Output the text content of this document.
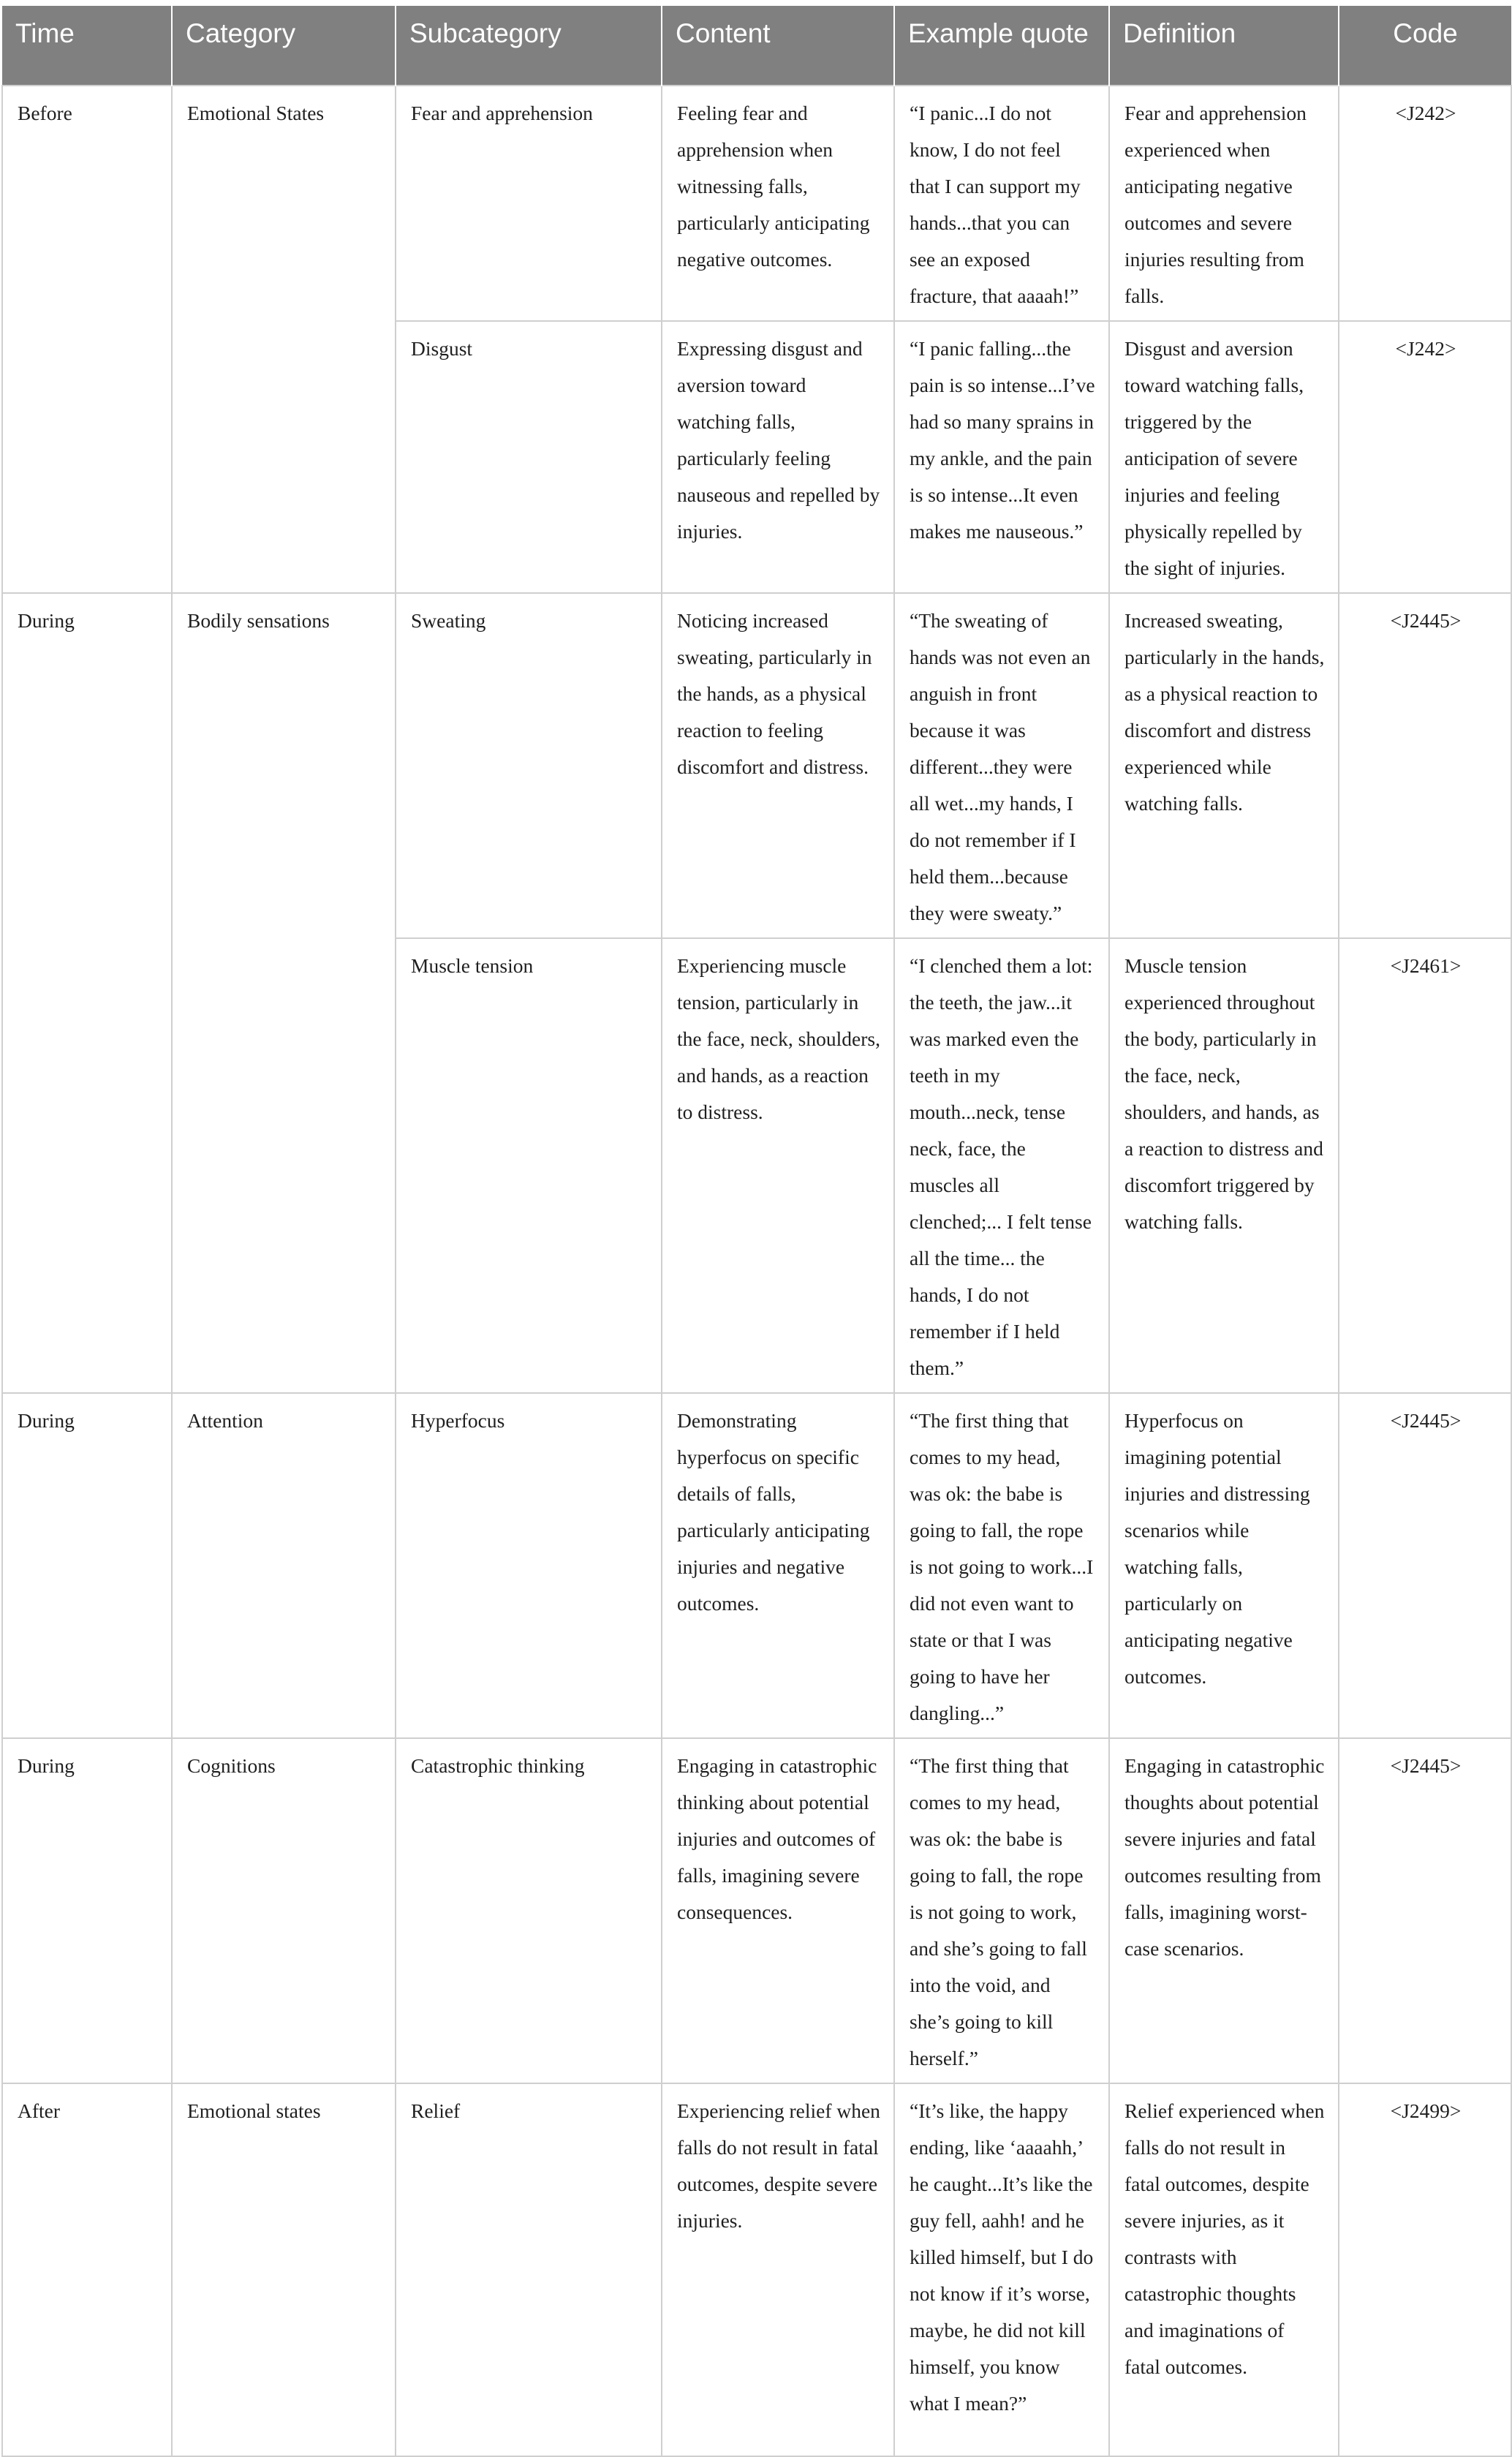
Time	Category	Subcategory	Content	Example quote	Definition	Code
Before	Emotional States	Fear and apprehension	Feeling fear and apprehension when witnessing falls, particularly anticipating negative outcomes.	“I panic...I do not know, I do not feel that I can support my hands...that you can see an exposed fracture, that aaaah!”	Fear and apprehension experienced when anticipating negative outcomes and severe injuries resulting from falls.	<J242>
		Disgust	Expressing disgust and aversion toward watching falls, particularly feeling nauseous and repelled by injuries.	“I panic falling...the pain is so intense...I’ve had so many sprains in my ankle, and the pain is so intense...It even makes me nauseous.”	Disgust and aversion toward watching falls, triggered by the anticipation of severe injuries and feeling physically repelled by the sight of injuries.	<J242>
During	Bodily sensations	Sweating	Noticing increased sweating, particularly in the hands, as a physical reaction to feeling discomfort and distress.	“The sweating of hands was not even an anguish in front because it was different...they were all wet...my hands, I do not remember if I held them...because they were sweaty.”	Increased sweating, particularly in the hands, as a physical reaction to discomfort and distress experienced while watching falls.	<J2445>
		Muscle tension	Experiencing muscle tension, particularly in the face, neck, shoulders, and hands, as a reaction to distress.	“I clenched them a lot: the teeth, the jaw...it was marked even the teeth in my mouth...neck, tense neck, face, the muscles all clenched;... I felt tense all the time... the hands, I do not remember if I held them.”	Muscle tension experienced throughout the body, particularly in the face, neck, shoulders, and hands, as a reaction to distress and discomfort triggered by watching falls.	<J2461>
During	Attention	Hyperfocus	Demonstrating hyperfocus on specific details of falls, particularly anticipating injuries and negative outcomes.	“The first thing that comes to my head, was ok: the babe is going to fall, the rope is not going to work...I did not even want to state or that I was going to have her dangling...”	Hyperfocus on imagining potential injuries and distressing scenarios while watching falls, particularly on anticipating negative outcomes.	<J2445>
During	Cognitions	Catastrophic thinking	Engaging in catastrophic thinking about potential injuries and outcomes of falls, imagining severe consequences.	“The first thing that comes to my head, was ok: the babe is going to fall, the rope is not going to work, and she’s going to fall into the void, and she’s going to kill herself.”	Engaging in catastrophic thoughts about potential severe injuries and fatal outcomes resulting from falls, imagining worst-case scenarios.	<J2445>
After	Emotional states	Relief	Experiencing relief when falls do not result in fatal outcomes, despite severe injuries.	“It’s like, the happy ending, like ‘aaaahh,’ he caught...It’s like the guy fell, aahh! and he killed himself, but I do not know if it’s worse, maybe, he did not kill himself, you know what I mean?”	Relief experienced when falls do not result in fatal outcomes, despite severe injuries, as it contrasts with catastrophic thoughts and imaginations of fatal outcomes.	<J2499>
